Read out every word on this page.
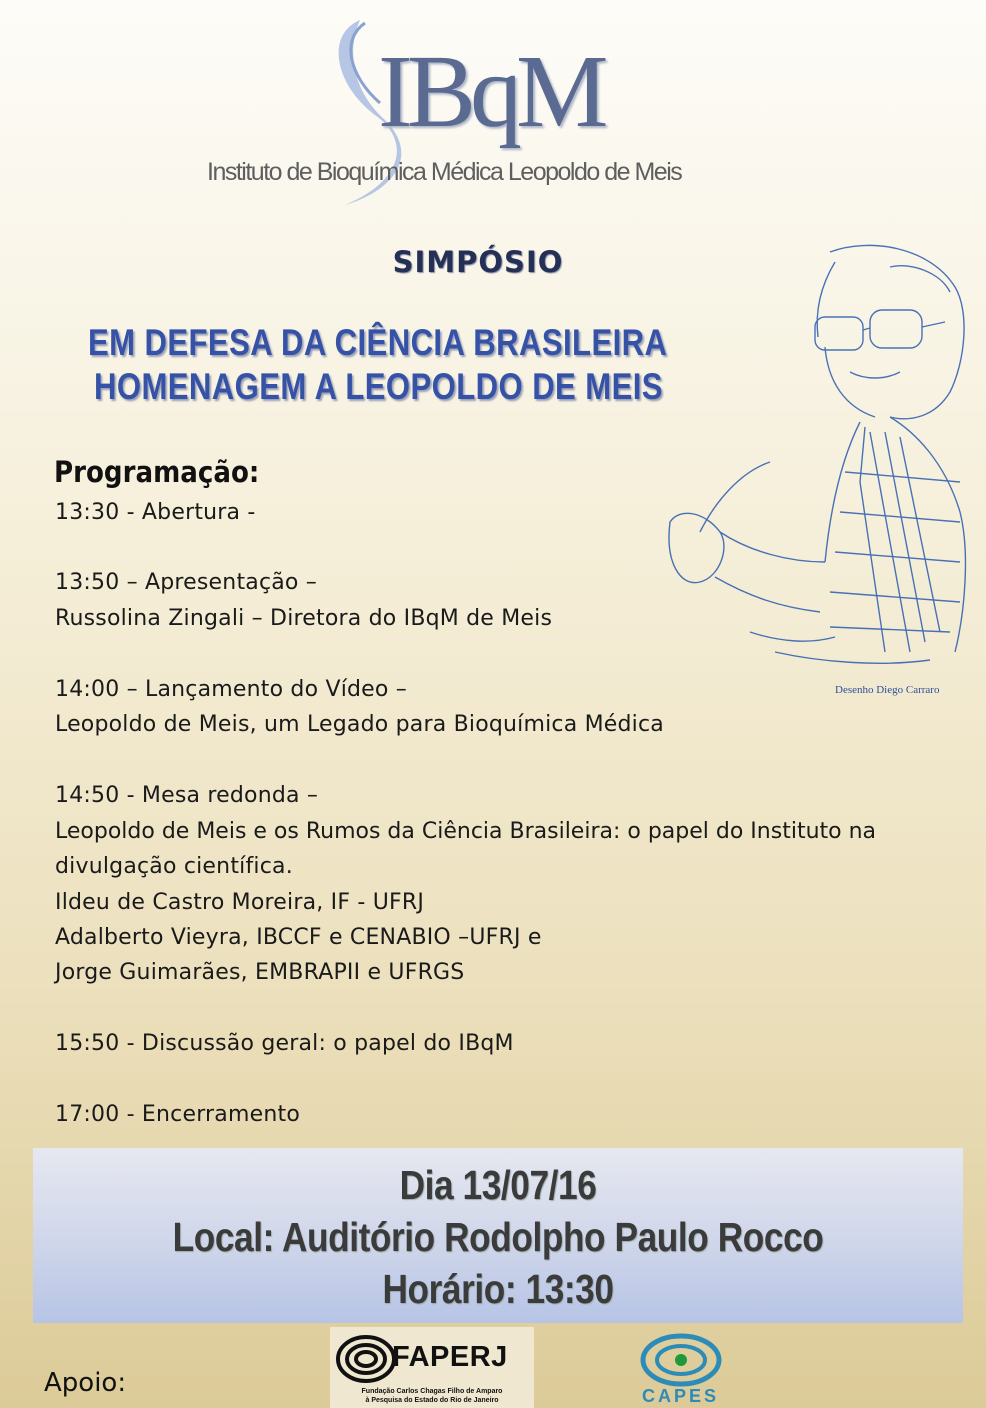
IBqM
Instituto de Bioquímica Médica Leopoldo de Meis
SIMPÓSIO
EM DEFESA DA CIÊNCIA BRASILEIRA
HOMENAGEM A LEOPOLDO DE MEIS
Desenho Diego Carraro
Programação:
13:30 - Abertura -
13:50 – Apresentação –
Russolina Zingali – Diretora do IBqM de Meis
14:00 – Lançamento do Vídeo –
Leopoldo de Meis, um Legado para Bioquímica Médica
14:50 - Mesa redonda –
Leopoldo de Meis e os Rumos da Ciência Brasileira: o papel do Instituto na
divulgação científica.
Ildeu de Castro Moreira, IF - UFRJ
Adalberto Vieyra, IBCCF e CENABIO –UFRJ e
Jorge Guimarães, EMBRAPII e UFRGS
15:50 - Discussão geral: o papel do IBqM
17:00 - Encerramento
Dia 13/07/16
Local: Auditório Rodolpho Paulo Rocco
Horário: 13:30
Apoio:
FAPERJ
Fundação Carlos Chagas Filho de Amparo
à Pesquisa do Estado do Rio de Janeiro	CAPES
